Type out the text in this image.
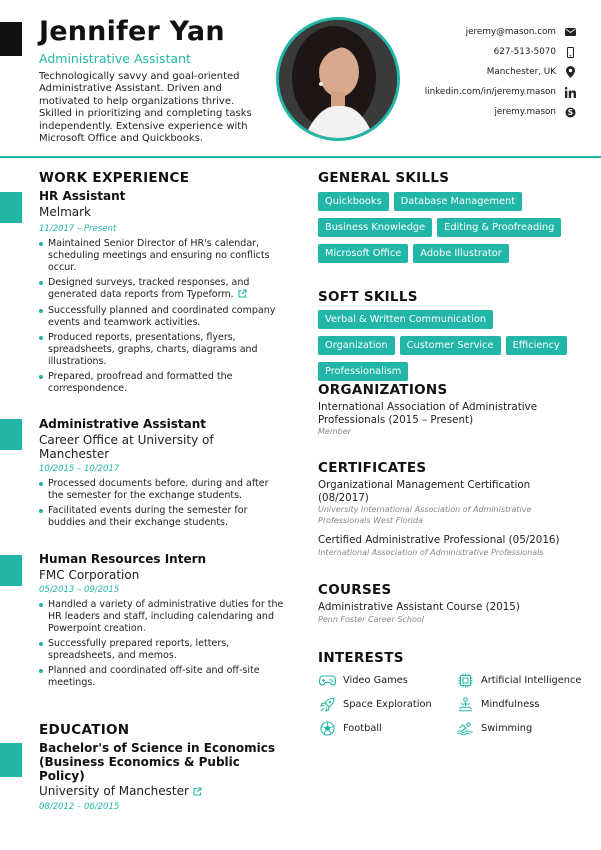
Jennifer Yan
Administrative Assistant
Technologically savvy and goal-oriented Administrative Assistant. Driven and motivated to help organizations thrive. Skilled in prioritizing and completing tasks independently. Extensive experience with Microsoft Office and Quickbooks.
jeremy@mason.com
627-513-5070
Manchester, UK
linkedin.com/in/jeremy.mason
jeremy.mason S
WORK EXPERIENCE
HR Assistant
Melmark
11/2017 – Present
Maintained Senior Director of HR's calendar, scheduling meetings and ensuring no conflicts occur.
Designed surveys, tracked responses, and generated data reports from Typeform.
Successfully planned and coordinated company events and teamwork activities.
Produced reports, presentations, flyers, spreadsheets, graphs, charts, diagrams and illustrations.
Prepared, proofread and formatted the correspondence.
Administrative Assistant
Career Office at University of Manchester
10/2015 – 10/2017
Processed documents before, during and after the semester for the exchange students.
Facilitated events during the semester for buddies and their exchange students.
Human Resources Intern
FMC Corporation
05/2013 – 09/2015
Handled a variety of administrative duties for the HR leaders and staff, including calendaring and Powerpoint creation.
Successfully prepared reports, letters, spreadsheets, and memos.
Planned and coordinated off-site and off-site meetings.
EDUCATION
Bachelor's of Science in Economics (Business Economics & Public Policy)
University of Manchester
08/2012 – 06/2015
GENERAL SKILLS
Quickbooks	Database Management
Business Knowledge	Editing & Proofreading
Microsoft Office	Adobe Illustrator
SOFT SKILLS
Verbal & Written Communication
Organization	Customer Service	Efficiency
Professionalism
ORGANIZATIONS
International Association of Administrative Professionals (2015 – Present)
Member
CERTIFICATES
Organizational Management Certification (08/2017)
University International Association of Administrative Professionals West Florida
Certified Administrative Professional (05/2016)
International Association of Administrative Professionals
COURSES
Administrative Assistant Course (2015)
Penn Foster Career School
INTERESTS
Video Games	Artificial Intelligence
Space Exploration	Mindfulness
Football	Swimming
